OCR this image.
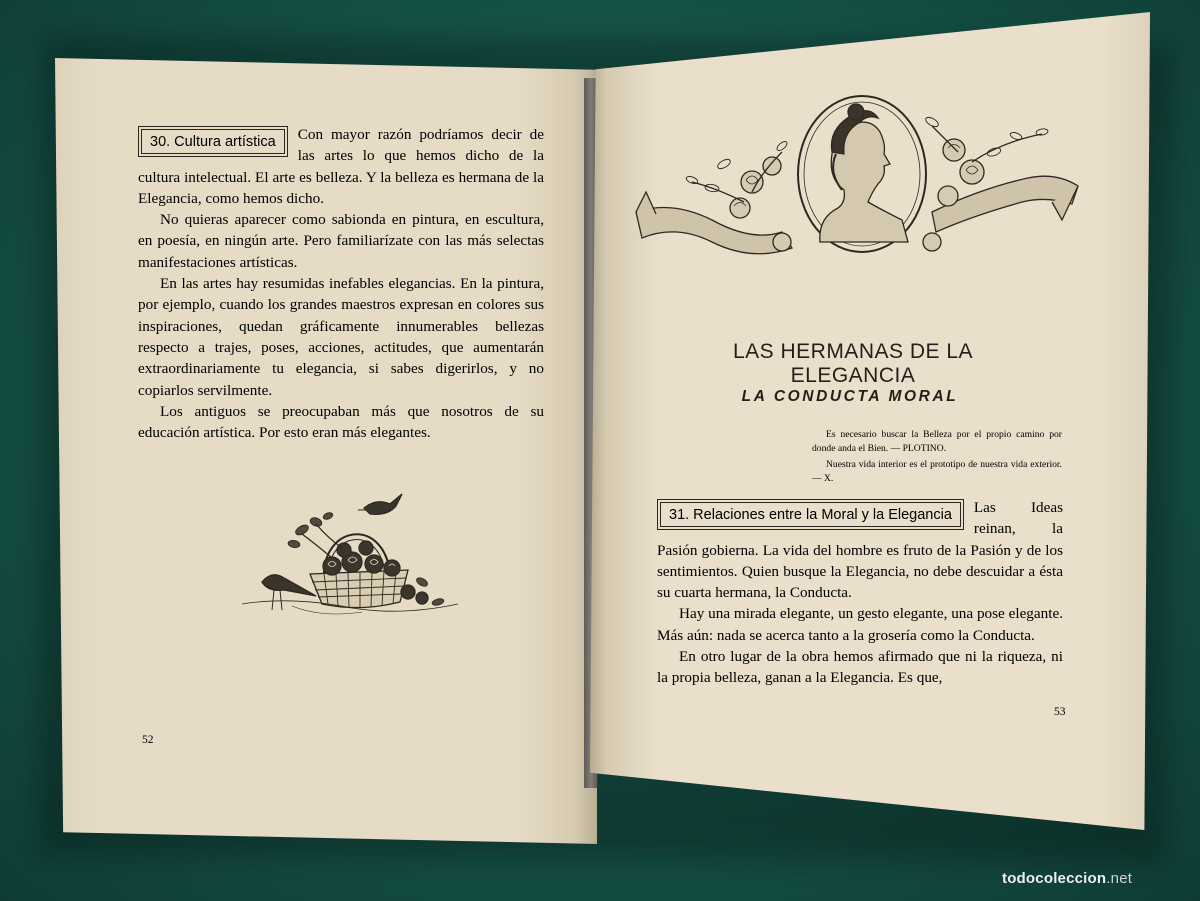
30. Cultura artística	Con mayor razón podríamos decir de las artes lo que hemos dicho de la cultura intelectual. El arte es belleza. Y la belleza es hermana de la Elegancia, como hemos dicho.

No quieras aparecer como sabionda en pintura, en escultura, en poesía, en ningún arte. Pero familiarízate con las más selectas manifestaciones artísticas.

En las artes hay resumidas inefables elegancias. En la pintura, por ejemplo, cuando los grandes maestros expresan en colores sus inspiraciones, quedan gráficamente innumerables bellezas respecto a trajes, poses, acciones, actitudes, que aumentarán extraordinariamente tu elegancia, si sabes digerirlos, y no copiarlos servilmente.

Los antiguos se preocupaban más que nosotros de su educación artística. Por esto eran más elegantes.

52
LAS HERMANAS DE LA ELEGANCIA
LA CONDUCTA MORAL

Es necesario buscar la Belleza por el propio camino por donde anda el Bien. — PLOTINO.

Nuestra vida interior es el prototipo de nuestra vida exterior. — X.

31. Relaciones entre la Moral y la Elegancia	Las Ideas reinan, la Pasión gobierna. La vida del hombre es fruto de la Pasión y de los sentimientos. Quien busque la Elegancia, no debe descuidar a ésta su cuarta hermana, la Conducta.

Hay una mirada elegante, un gesto elegante, una pose elegante. Más aún: nada se acerca tanto a la grosería como la Conducta.

En otro lugar de la obra hemos afirmado que ni la riqueza, ni la propia belleza, ganan a la Elegancia. Es que,

53
todocoleccion.net
